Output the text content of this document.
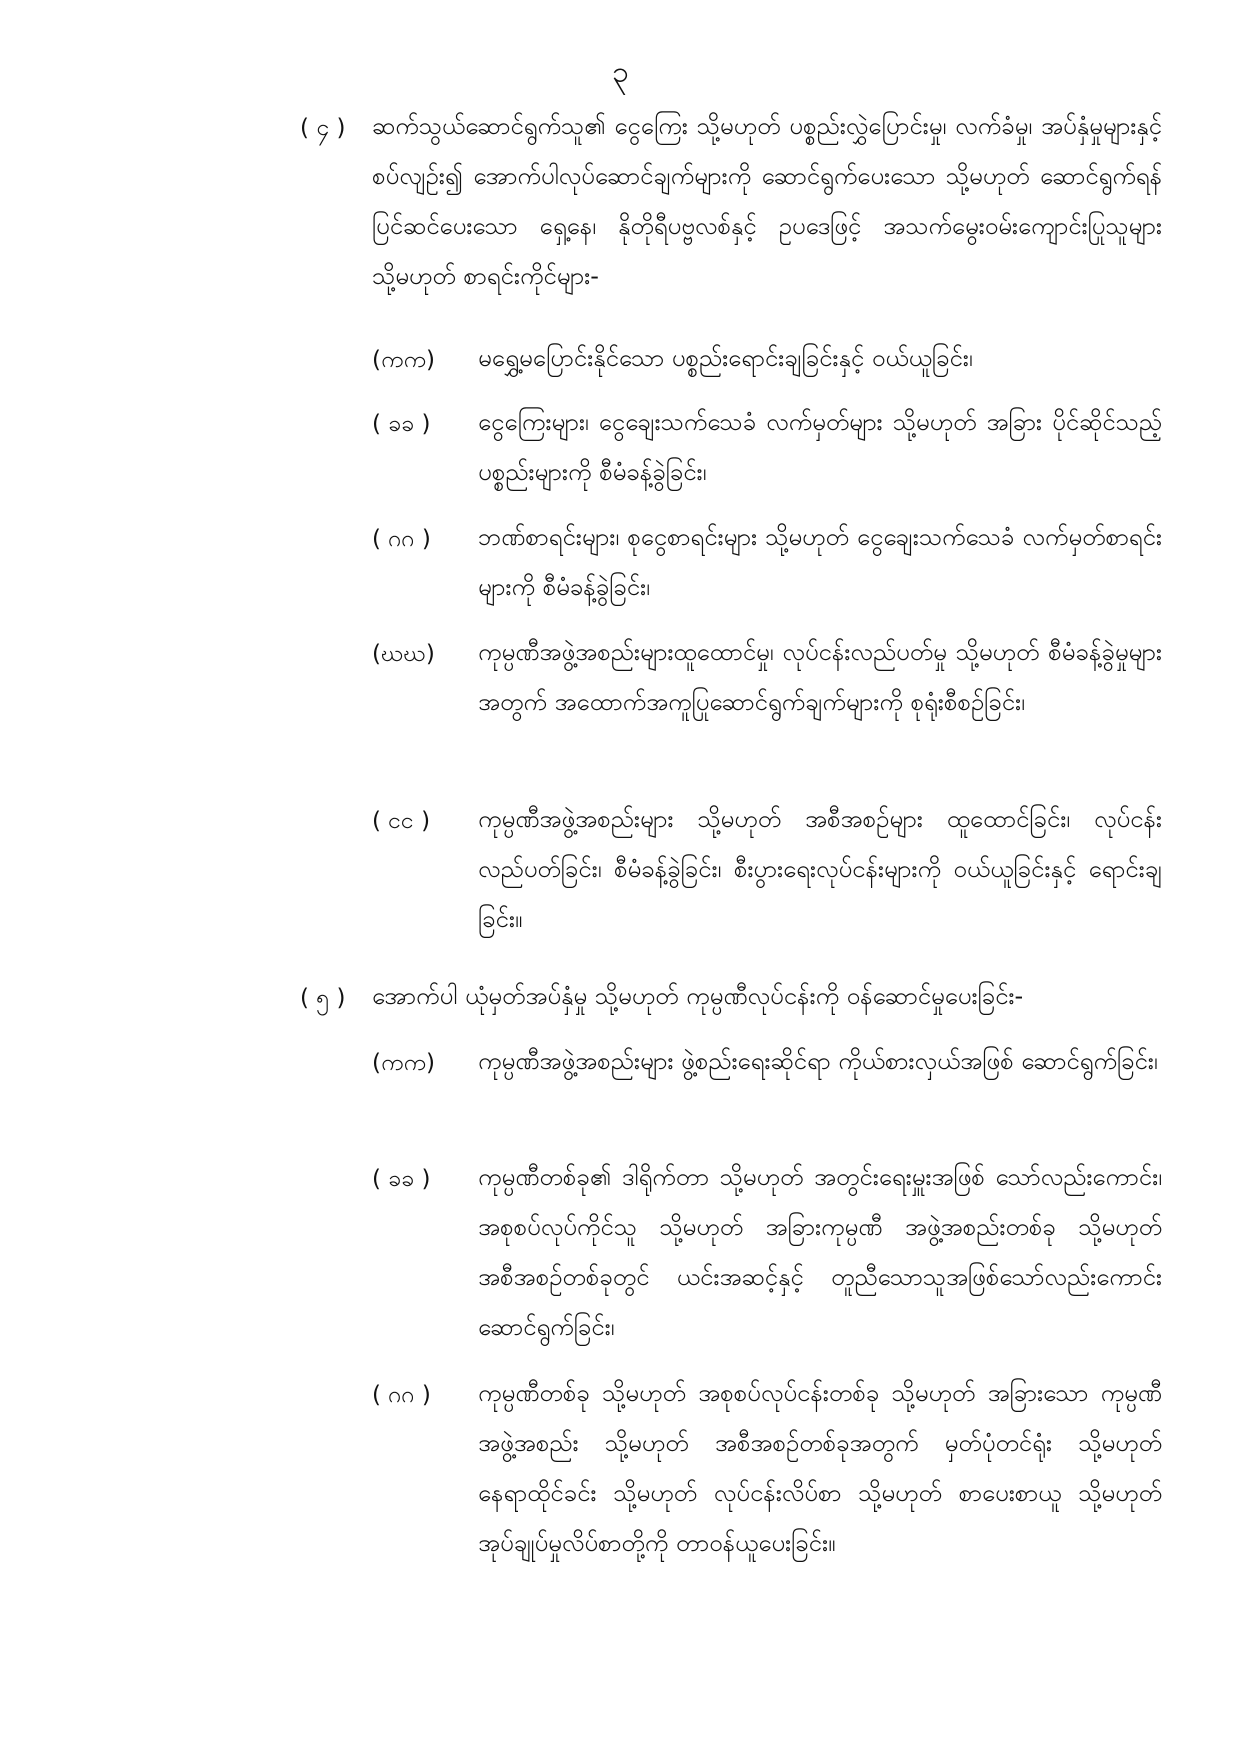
၃
( ၄ ) ဆက်သွယ်ဆောင်ရွက်သူ၏ ငွေကြေး သို့မဟုတ် ပစ္စည်းလွှဲပြောင်းမှု၊ လက်ခံမှု၊ အပ်နှံမှုများနှင့်စပ်လျဉ်း၍ အောက်ပါလုပ်ဆောင်ချက်များကို ဆောင်ရွက်ပေးသော သို့မဟုတ် ဆောင်ရွက်ရန်ပြင်ဆင်ပေးသော ရှေ့နေ၊ နိုတိုရီပဗ္ဗလစ်နှင့် ဥပဒေဖြင့် အသက်မွေးဝမ်းကျောင်းပြုသူများ သို့မဟုတ် စာရင်းကိုင်များ-
(ကက) မရွှေ့မပြောင်းနိုင်သော ပစ္စည်းရောင်းချခြင်းနှင့် ဝယ်ယူခြင်း၊
( ခခ ) ငွေကြေးများ၊ ငွေချေးသက်သေခံ လက်မှတ်များ သို့မဟုတ် အခြား ပိုင်ဆိုင်သည့် ပစ္စည်းများကို စီမံခန့်ခွဲခြင်း၊
( ဂဂ ) ဘဏ်စာရင်းများ၊ စုငွေစာရင်းများ သို့မဟုတ် ငွေချေးသက်သေခံ လက်မှတ်စာရင်းများကို စီမံခန့်ခွဲခြင်း၊
(ဃဃ) ကုမ္ပဏီအဖွဲ့အစည်းများထူထောင်မှု၊ လုပ်ငန်းလည်ပတ်မှု သို့မဟုတ် စီမံခန့်ခွဲမှုများအတွက် အထောက်အကူပြုဆောင်ရွက်ချက်များကို စုရုံးစီစဉ်ခြင်း၊
( ငင ) ကုမ္ပဏီအဖွဲ့အစည်းများ သို့မဟုတ် အစီအစဉ်များ ထူထောင်ခြင်း၊ လုပ်ငန်းလည်ပတ်ခြင်း၊ စီမံခန့်ခွဲခြင်း၊ စီးပွားရေးလုပ်ငန်းများကို ဝယ်ယူခြင်းနှင့် ရောင်းချခြင်း။
( ၅ ) အောက်ပါ ယုံမှတ်အပ်နှံမှု သို့မဟုတ် ကုမ္ပဏီလုပ်ငန်းကို ဝန်ဆောင်မှုပေးခြင်း-
(ကက) ကုမ္ပဏီအဖွဲ့အစည်းများ ဖွဲ့စည်းရေးဆိုင်ရာ ကိုယ်စားလှယ်အဖြစ် ဆောင်ရွက်ခြင်း၊
( ခခ ) ကုမ္ပဏီတစ်ခု၏ ဒါရိုက်တာ သို့မဟုတ် အတွင်းရေးမှူးအဖြစ် သော်လည်းကောင်း၊ အစုစပ်လုပ်ကိုင်သူ သို့မဟုတ် အခြားကုမ္ပဏီ အဖွဲ့အစည်းတစ်ခု သို့မဟုတ် အစီအစဉ်တစ်ခုတွင် ယင်းအဆင့်နှင့် တူညီသောသူအဖြစ်သော်လည်းကောင်း ဆောင်ရွက်ခြင်း၊
( ဂဂ ) ကုမ္ပဏီတစ်ခု သို့မဟုတ် အစုစပ်လုပ်ငန်းတစ်ခု သို့မဟုတ် အခြားသော ကုမ္ပဏီအဖွဲ့အစည်း သို့မဟုတ် အစီအစဉ်တစ်ခုအတွက် မှတ်ပုံတင်ရုံး သို့မဟုတ် နေရာထိုင်ခင်း သို့မဟုတ် လုပ်ငန်းလိပ်စာ သို့မဟုတ် စာပေးစာယူ သို့မဟုတ် အုပ်ချုပ်မှုလိပ်စာတို့ကို တာဝန်ယူပေးခြင်း။
